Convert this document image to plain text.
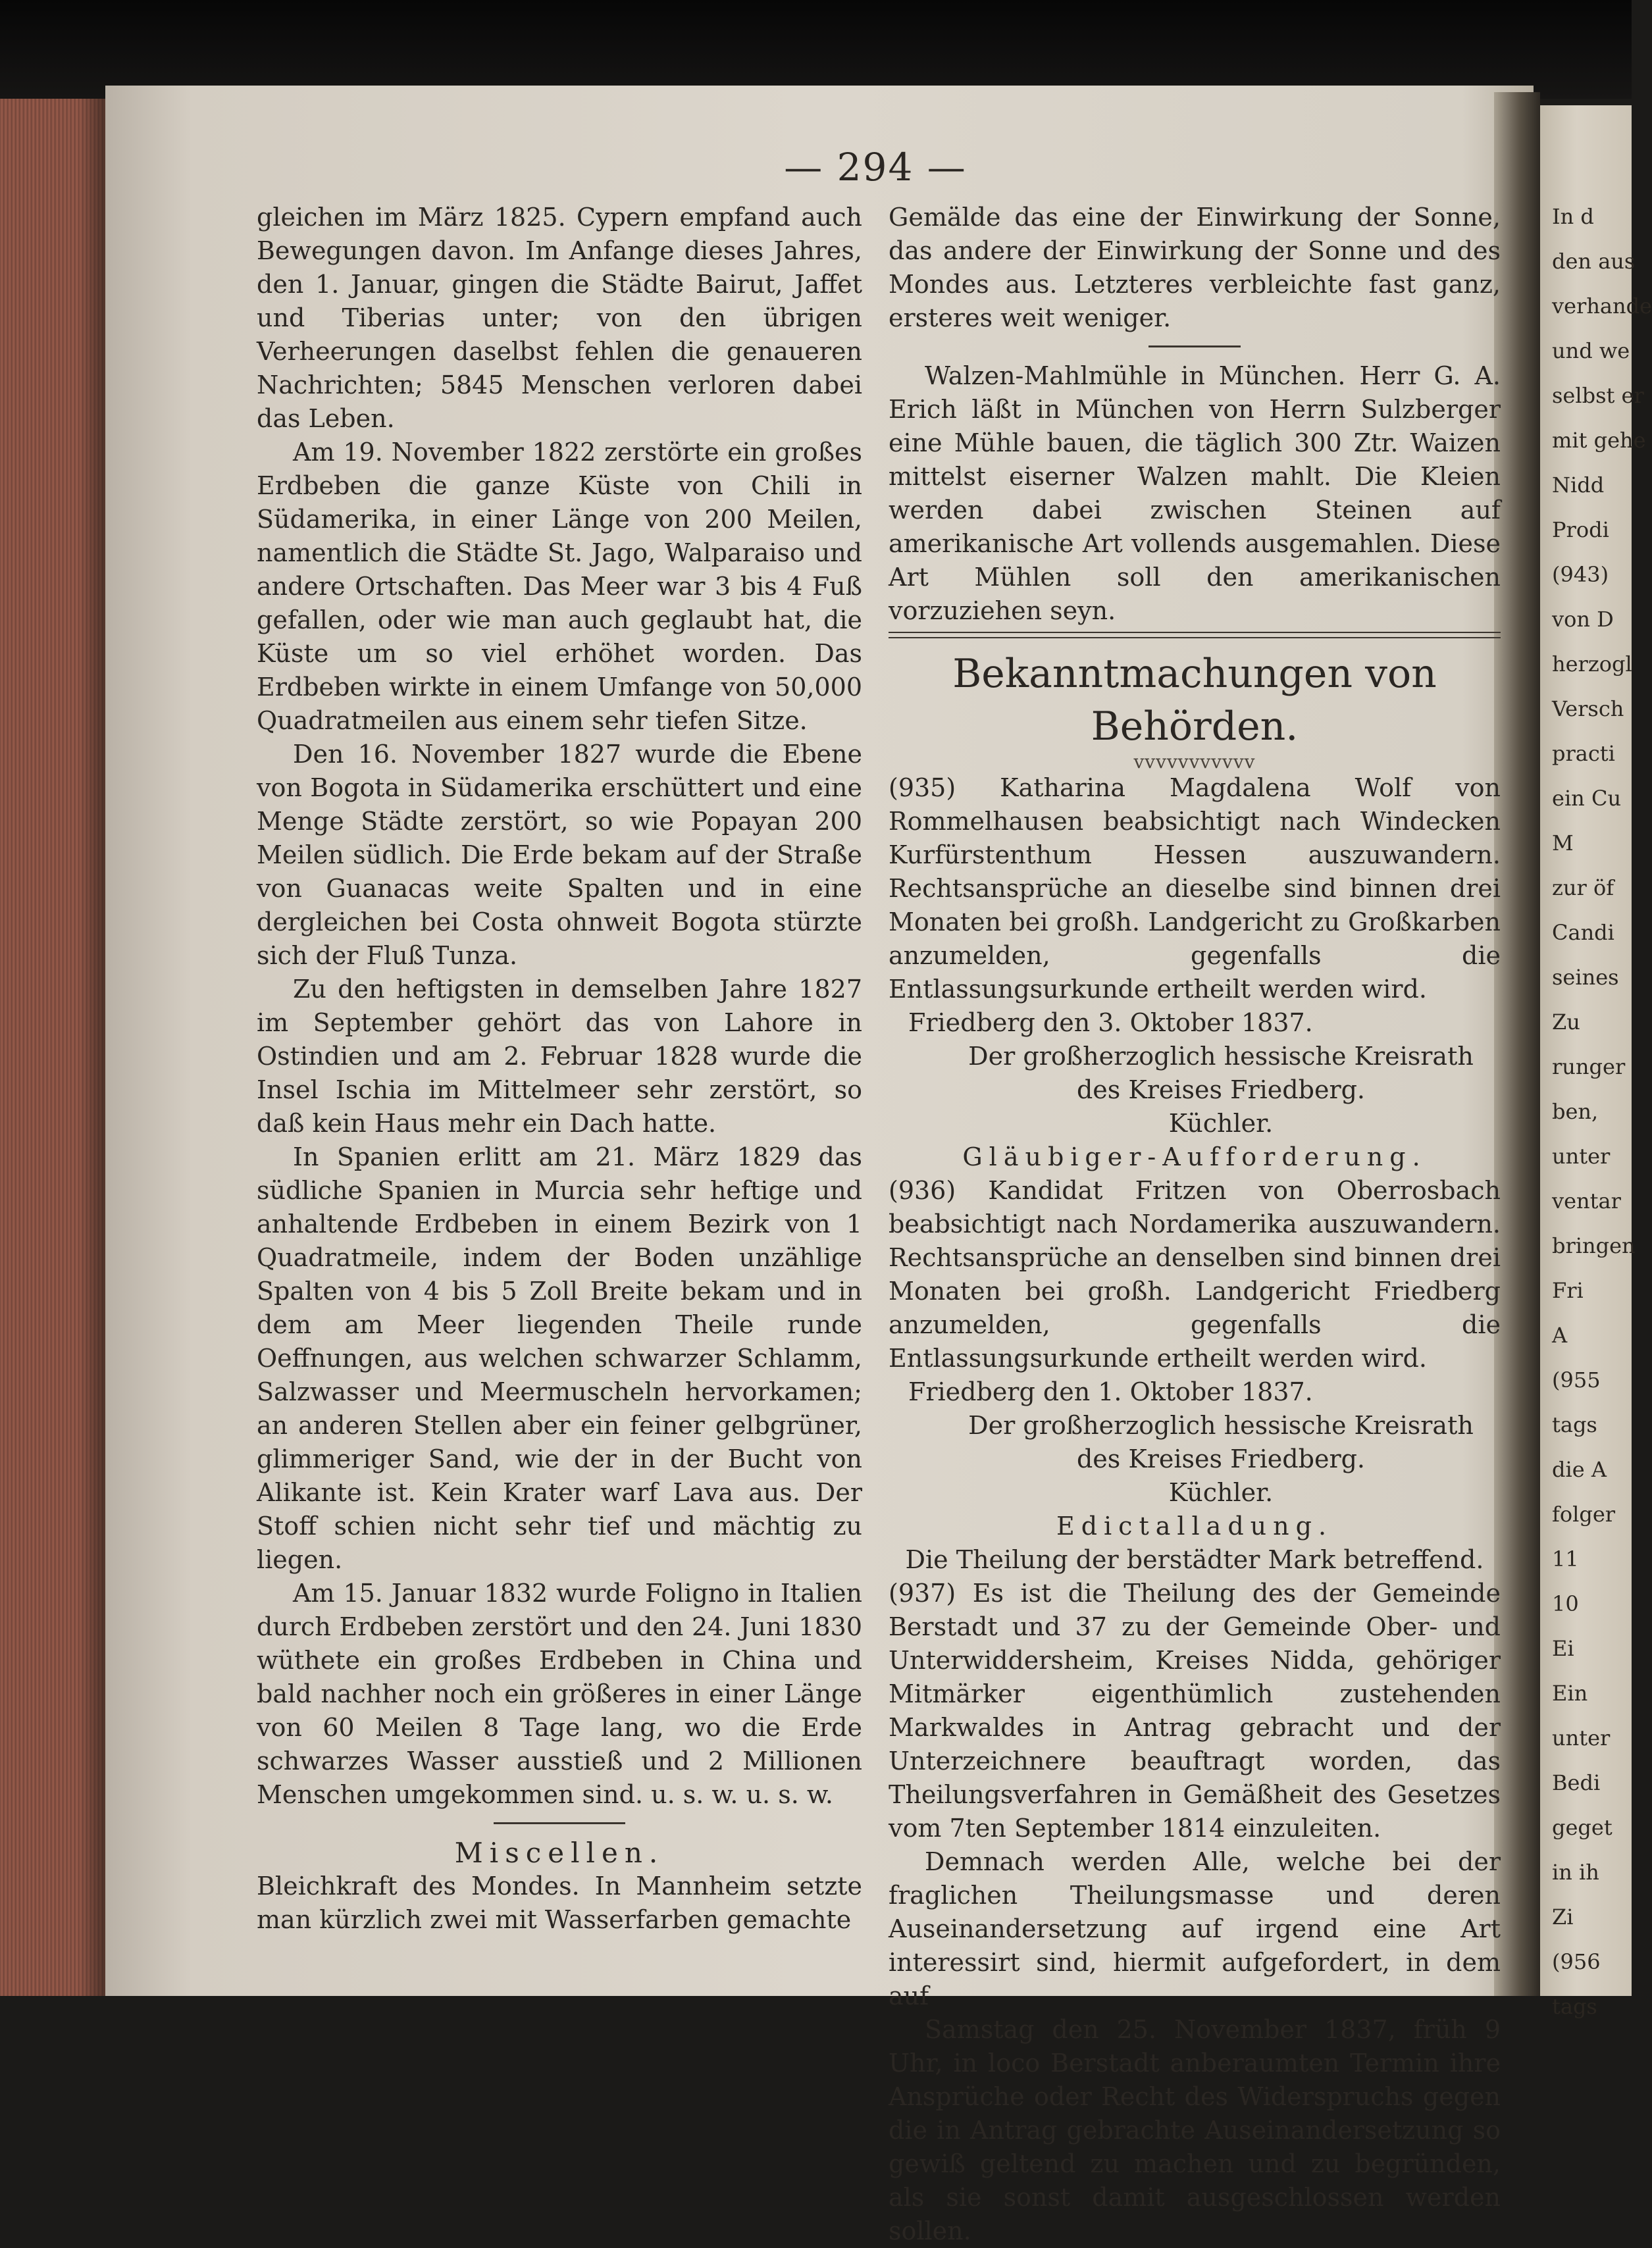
In d
den aus
verhande
und we
selbst er
mit gehe
Nidd
Prodi
(943)
von D
herzogl
Versch
practi
ein Cu
M
zur öf
Candi
seines
Zu
runger
ben,
unter
ventar
bringen
Fri
A
(955
tags
die A
folger
11
10
Ei
Ein
unter
Bedi
geget
in ih
Zi
(956
tags
— 294 —

gleichen im März 1825. Cypern empfand auch Bewegungen davon. Im Anfange dieses Jahres, den 1. Januar, gingen die Städte Bairut, Jaffet und Tiberias unter; von den übrigen Verheerungen daselbst fehlen die genaueren Nachrichten; 5845 Menschen verloren dabei das Leben.

Am 19. November 1822 zerstörte ein großes Erdbeben die ganze Küste von Chili in Südamerika, in einer Länge von 200 Meilen, namentlich die Städte St. Jago, Walparaiso und andere Ortschaften. Das Meer war 3 bis 4 Fuß gefallen, oder wie man auch geglaubt hat, die Küste um so viel erhöhet worden. Das Erdbeben wirkte in einem Umfange von 50,000 Quadratmeilen aus einem sehr tiefen Sitze.

Den 16. November 1827 wurde die Ebene von Bogota in Südamerika erschüttert und eine Menge Städte zerstört, so wie Popayan 200 Meilen südlich. Die Erde bekam auf der Straße von Guanacas weite Spalten und in eine dergleichen bei Costa ohnweit Bogota stürzte sich der Fluß Tunza.

Zu den heftigsten in demselben Jahre 1827 im September gehört das von Lahore in Ostindien und am 2. Februar 1828 wurde die Insel Ischia im Mittelmeer sehr zerstört, so daß kein Haus mehr ein Dach hatte.

In Spanien erlitt am 21. März 1829 das südliche Spanien in Murcia sehr heftige und anhaltende Erdbeben in einem Bezirk von 1 Quadratmeile, indem der Boden unzählige Spalten von 4 bis 5 Zoll Breite bekam und in dem am Meer liegenden Theile runde Oeffnungen, aus welchen schwarzer Schlamm, Salzwasser und Meermuscheln hervorkamen; an anderen Stellen aber ein feiner gelbgrüner, glimmeriger Sand, wie der in der Bucht von Alikante ist. Kein Krater warf Lava aus. Der Stoff schien nicht sehr tief und mächtig zu liegen.

Am 15. Januar 1832 wurde Foligno in Italien durch Erdbeben zerstört und den 24. Juni 1830 wüthete ein großes Erdbeben in China und bald nachher noch ein größeres in einer Länge von 60 Meilen 8 Tage lang, wo die Erde schwarzes Wasser ausstieß und 2 Millionen Menschen umgekommen sind. u. s. w. u. s. w.

Miscellen.

Bleichkraft des Mondes. In Mannheim setzte man kürzlich zwei mit Wasserfarben gemachte

Gemälde das eine der Einwirkung der Sonne, das andere der Einwirkung der Sonne und des Mondes aus. Letzteres verbleichte fast ganz, ersteres weit weniger.

Walzen-Mahlmühle in München. Herr G. A. Erich läßt in München von Herrn Sulzberger eine Mühle bauen, die täglich 300 Ztr. Waizen mittelst eiserner Walzen mahlt. Die Kleien werden dabei zwischen Steinen auf amerikanische Art vollends ausgemahlen. Diese Art Mühlen soll den amerikanischen vorzuziehen seyn.

Bekanntmachungen von Behörden.

vvvvvvvvvvv

(935) Katharina Magdalena Wolf von Rommelhausen beabsichtigt nach Windecken Kurfürstenthum Hessen auszuwandern. Rechtsansprüche an dieselbe sind binnen drei Monaten bei großh. Landgericht zu Großkarben anzumelden, gegenfalls die Entlassungsurkunde ertheilt werden wird.

Friedberg den 3. Oktober 1837.

Der großherzoglich hessische Kreisrath

des Kreises Friedberg.

Küchler.

Gläubiger-Aufforderung.

(936) Kandidat Fritzen von Oberrosbach beabsichtigt nach Nordamerika auszuwandern. Rechtsansprüche an denselben sind binnen drei Monaten bei großh. Landgericht Friedberg anzumelden, gegenfalls die Entlassungsurkunde ertheilt werden wird.

Friedberg den 1. Oktober 1837.

Der großherzoglich hessische Kreisrath

des Kreises Friedberg.

Küchler.

Edictalladung.

Die Theilung der berstädter Mark betreffend.

(937) Es ist die Theilung des der Gemeinde Berstadt und 37 zu der Gemeinde Ober- und Unterwiddersheim, Kreises Nidda, gehöriger Mitmärker eigenthümlich zustehenden Markwaldes in Antrag gebracht und der Unterzeichnere beauftragt worden, das Theilungsverfahren in Gemäßheit des Gesetzes vom 7ten September 1814 einzuleiten.

Demnach werden Alle, welche bei der fraglichen Theilungsmasse und deren Auseinandersetzung auf irgend eine Art interessirt sind, hiermit aufgefordert, in dem auf

Samstag den 25. November 1837, früh 9 Uhr, in loco Berstadt anberaumten Termin ihre Ansprüche oder Recht des Widerspruchs gegen die in Antrag gebrachte Auseinandersetzung so gewiß geltend zu machen und zu begründen, als sie sonst damit ausgeschlossen werden sollen.
